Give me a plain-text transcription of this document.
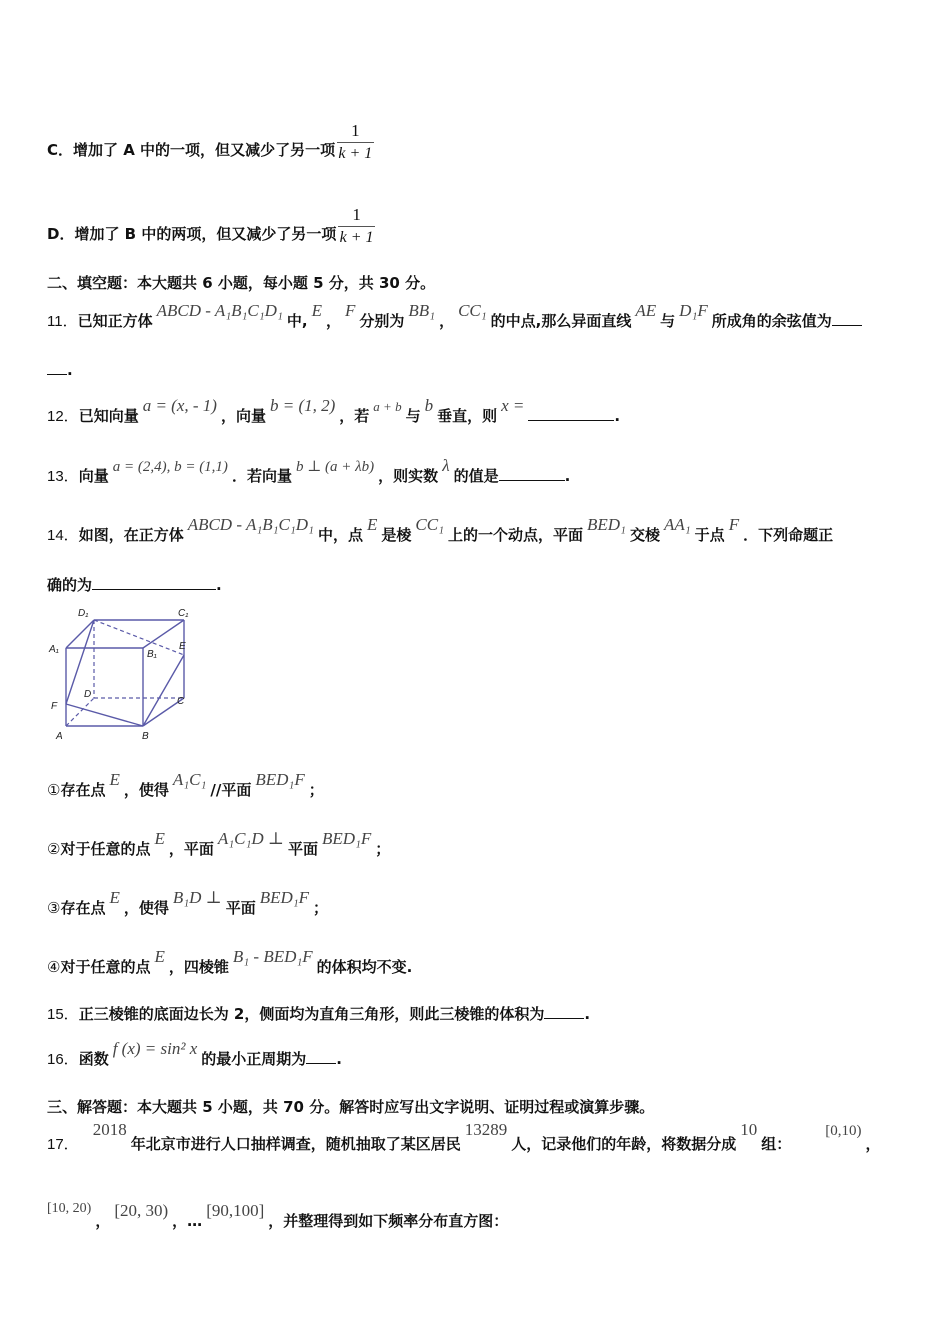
C．增加了 A 中的一项，但又减少了另一项 $\frac{1}{k + 1}$
D．增加了 B 中的两项，但又减少了另一项 $\frac{1}{k + 1}$
二、填空题：本大题共 6 小题，每小题 5 分，共 30 分。
11．已知正方体ABCD - A₁B₁C₁D₁中,E，F分别为BB₁，CC₁的中点,那么异面直线AE与D₁F所成角的余弦值为
.
12．已知向量a = (x, - 1)，向量b = (1, 2)，若a + b与b垂直，则x =.
13．向量 a = (2,4), b = (1,1) ．若向量 b ⊥ (a + λb) ，则实数λ的值是	.
14．如图，在正方体ABCD - A₁B₁C₁D₁中，点E是棱CC₁上的一个动点，平面BED₁交棱AA₁于点F．下列命题正
确的为	.
D₁	C₁
A₁	B₁
E
D
C
F
A	B
①存在点E，使得A₁C₁//平面BED₁F；
②对于任意的点E，平面A₁C₁D ⊥平面BED₁F；
③存在点E，使得B₁D ⊥平面BED₁F；
④对于任意的点E，四棱锥B₁ - BED₁F的体积均不变.
15．正三棱锥的底面边长为 2，侧面均为直角三角形，则此三棱锥的体积为	.
16．函数f (x) = sin² x的最小正周期为 .
三、解答题：本大题共 5 小题，共 70 分。解答时应写出文字说明、证明过程或演算步骤。
17．2018年北京市进行人口抽样调查，随机抽取了某区居民13289人，记录他们的年龄，将数据分成10组：[0,10)，
[10, 20)，[20, 30)，…[90,100]，并整理得到如下频率分布直方图：
